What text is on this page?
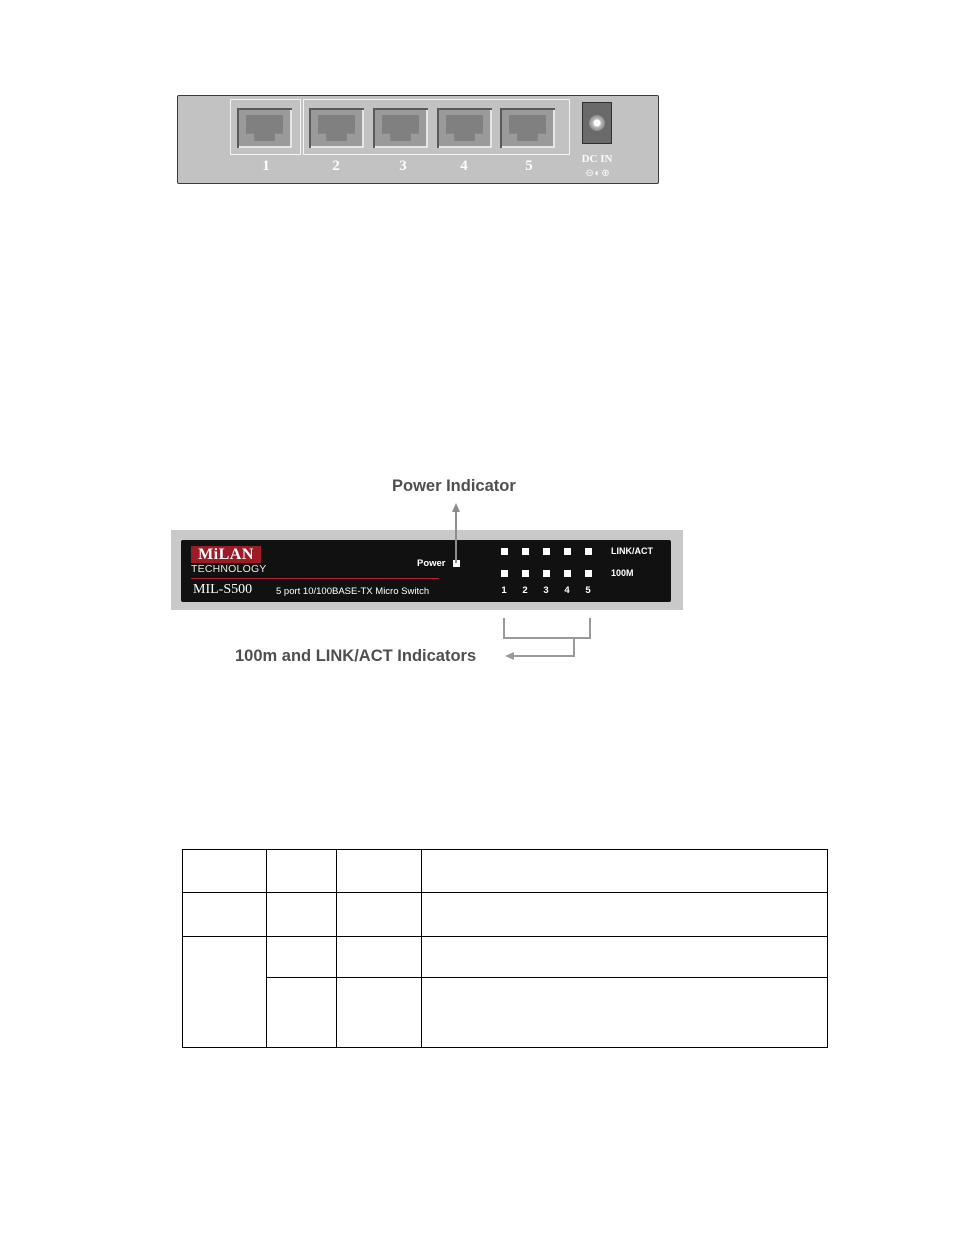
1	2	3	4	5	DC IN
⊖ ◐ ⊕
Power Indicator
100m and LINK/ACT Indicators
MiLAN
TECHNOLOGY
MIL-S500	5 port 10/100BASE-TX Micro Switch
Power
LINK/ACT
100M
1 2 3 4 5
